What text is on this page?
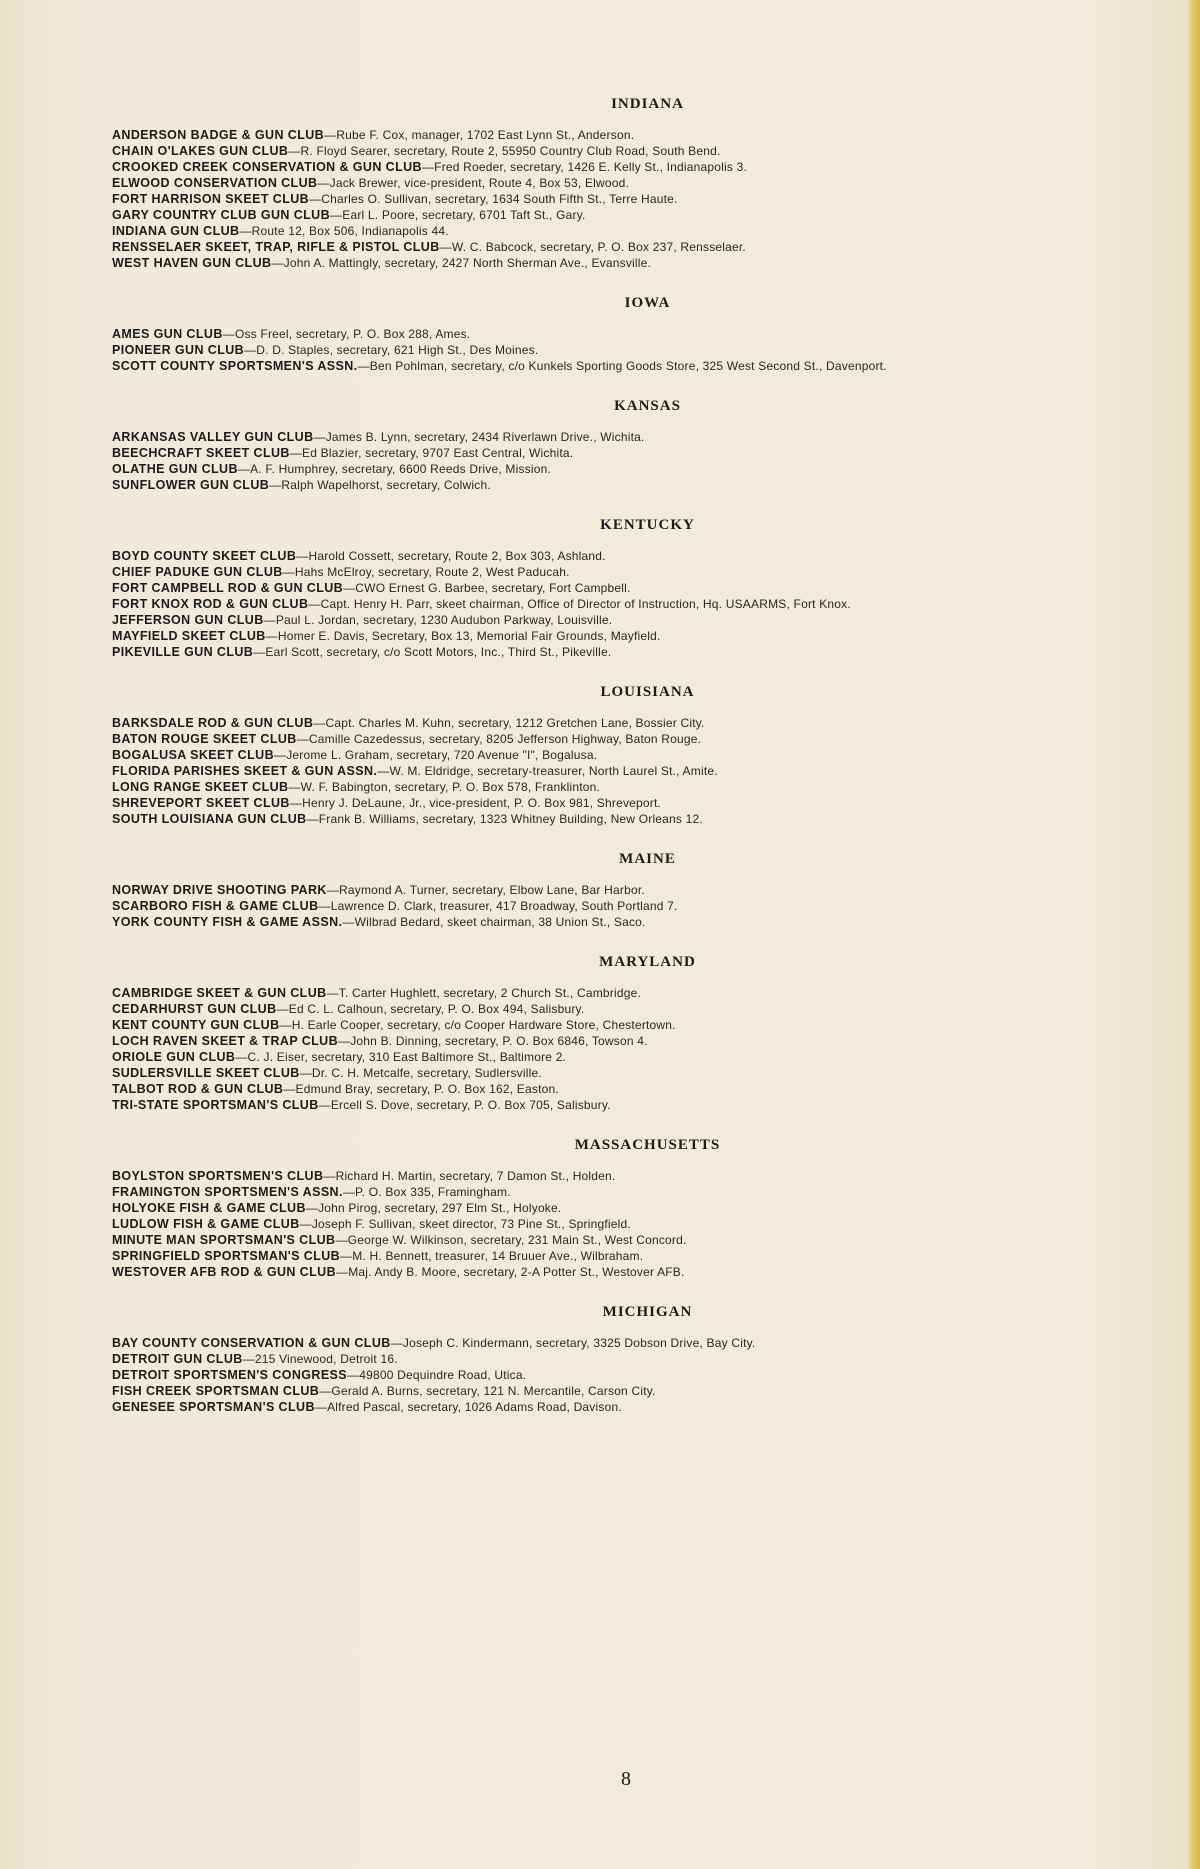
INDIANA
ANDERSON BADGE & GUN CLUB—Rube F. Cox, manager, 1702 East Lynn St., Anderson.
CHAIN O'LAKES GUN CLUB—R. Floyd Searer, secretary, Route 2, 55950 Country Club Road, South Bend.
CROOKED CREEK CONSERVATION & GUN CLUB—Fred Roeder, secretary, 1426 E. Kelly St., Indianapolis 3.
ELWOOD CONSERVATION CLUB—Jack Brewer, vice-president, Route 4, Box 53, Elwood.
FORT HARRISON SKEET CLUB—Charles O. Sullivan, secretary, 1634 South Fifth St., Terre Haute.
GARY COUNTRY CLUB GUN CLUB—Earl L. Poore, secretary, 6701 Taft St., Gary.
INDIANA GUN CLUB—Route 12, Box 506, Indianapolis 44.
RENSSELAER SKEET, TRAP, RIFLE & PISTOL CLUB—W. C. Babcock, secretary, P. O. Box 237, Rensselaer.
WEST HAVEN GUN CLUB—John A. Mattingly, secretary, 2427 North Sherman Ave., Evansville.
IOWA
AMES GUN CLUB—Oss Freel, secretary, P. O. Box 288, Ames.
PIONEER GUN CLUB—D. D. Staples, secretary, 621 High St., Des Moines.
SCOTT COUNTY SPORTSMEN'S ASSN.—Ben Pohlman, secretary, c/o Kunkels Sporting Goods Store, 325 West Second St., Davenport.
KANSAS
ARKANSAS VALLEY GUN CLUB—James B. Lynn, secretary, 2434 Riverlawn Drive., Wichita.
BEECHCRAFT SKEET CLUB—Ed Blazier, secretary, 9707 East Central, Wichita.
OLATHE GUN CLUB—A. F. Humphrey, secretary, 6600 Reeds Drive, Mission.
SUNFLOWER GUN CLUB—Ralph Wapelhorst, secretary, Colwich.
KENTUCKY
BOYD COUNTY SKEET CLUB—Harold Cossett, secretary, Route 2, Box 303, Ashland.
CHIEF PADUKE GUN CLUB—Hahs McElroy, secretary, Route 2, West Paducah.
FORT CAMPBELL ROD & GUN CLUB—CWO Ernest G. Barbee, secretary, Fort Campbell.
FORT KNOX ROD & GUN CLUB—Capt. Henry H. Parr, skeet chairman, Office of Director of Instruction, Hq. USAARMS, Fort Knox.
JEFFERSON GUN CLUB—Paul L. Jordan, secretary, 1230 Audubon Parkway, Louisville.
MAYFIELD SKEET CLUB—Homer E. Davis, Secretary, Box 13, Memorial Fair Grounds, Mayfield.
PIKEVILLE GUN CLUB—Earl Scott, secretary, c/o Scott Motors, Inc., Third St., Pikeville.
LOUISIANA
BARKSDALE ROD & GUN CLUB—Capt. Charles M. Kuhn, secretary, 1212 Gretchen Lane, Bossier City.
BATON ROUGE SKEET CLUB—Camille Cazedessus, secretary, 8205 Jefferson Highway, Baton Rouge.
BOGALUSA SKEET CLUB—Jerome L. Graham, secretary, 720 Avenue "I", Bogalusa.
FLORIDA PARISHES SKEET & GUN ASSN.—W. M. Eldridge, secretary-treasurer, North Laurel St., Amite.
LONG RANGE SKEET CLUB—W. F. Babington, secretary, P. O. Box 578, Franklinton.
SHREVEPORT SKEET CLUB—Henry J. DeLaune, Jr., vice-president, P. O. Box 981, Shreveport.
SOUTH LOUISIANA GUN CLUB—Frank B. Williams, secretary, 1323 Whitney Building, New Orleans 12.
MAINE
NORWAY DRIVE SHOOTING PARK—Raymond A. Turner, secretary, Elbow Lane, Bar Harbor.
SCARBORO FISH & GAME CLUB—Lawrence D. Clark, treasurer, 417 Broadway, South Portland 7.
YORK COUNTY FISH & GAME ASSN.—Wilbrad Bedard, skeet chairman, 38 Union St., Saco.
MARYLAND
CAMBRIDGE SKEET & GUN CLUB—T. Carter Hughlett, secretary, 2 Church St., Cambridge.
CEDARHURST GUN CLUB—Ed C. L. Calhoun, secretary, P. O. Box 494, Salisbury.
KENT COUNTY GUN CLUB—H. Earle Cooper, secretary, c/o Cooper Hardware Store, Chestertown.
LOCH RAVEN SKEET & TRAP CLUB—John B. Dinning, secretary, P. O. Box 6846, Towson 4.
ORIOLE GUN CLUB—C. J. Eiser, secretary, 310 East Baltimore St., Baltimore 2.
SUDLERSVILLE SKEET CLUB—Dr. C. H. Metcalfe, secretary, Sudlersville.
TALBOT ROD & GUN CLUB—Edmund Bray, secretary, P. O. Box 162, Easton.
TRI-STATE SPORTSMAN'S CLUB—Ercell S. Dove, secretary, P. O. Box 705, Salisbury.
MASSACHUSETTS
BOYLSTON SPORTSMEN'S CLUB—Richard H. Martin, secretary, 7 Damon St., Holden.
FRAMINGTON SPORTSMEN'S ASSN.—P. O. Box 335, Framingham.
HOLYOKE FISH & GAME CLUB—John Pirog, secretary, 297 Elm St., Holyoke.
LUDLOW FISH & GAME CLUB—Joseph F. Sullivan, skeet director, 73 Pine St., Springfield.
MINUTE MAN SPORTSMAN'S CLUB—George W. Wilkinson, secretary, 231 Main St., West Concord.
SPRINGFIELD SPORTSMAN'S CLUB—M. H. Bennett, treasurer, 14 Bruuer Ave., Wilbraham.
WESTOVER AFB ROD & GUN CLUB—Maj. Andy B. Moore, secretary, 2-A Potter St., Westover AFB.
MICHIGAN
BAY COUNTY CONSERVATION & GUN CLUB—Joseph C. Kindermann, secretary, 3325 Dobson Drive, Bay City.
DETROIT GUN CLUB—215 Vinewood, Detroit 16.
DETROIT SPORTSMEN'S CONGRESS—49800 Dequindre Road, Utica.
FISH CREEK SPORTSMAN CLUB—Gerald A. Burns, secretary, 121 N. Mercantile, Carson City.
GENESEE SPORTSMAN'S CLUB—Alfred Pascal, secretary, 1026 Adams Road, Davison.
8
